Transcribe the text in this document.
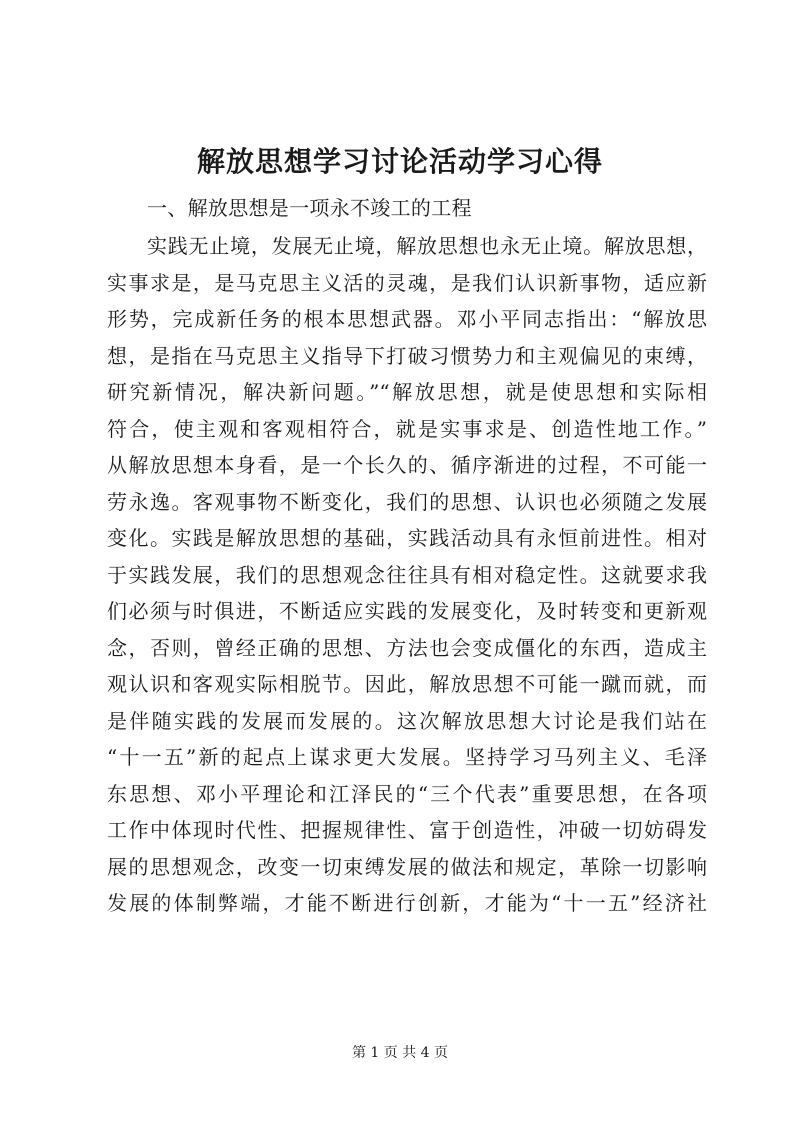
解放思想学习讨论活动学习心得
一、解放思想是一项永不竣工的工程
实践无止境，发展无止境，解放思想也永无止境。解放思想，
实事求是，是马克思主义活的灵魂，是我们认识新事物，适应新
形势，完成新任务的根本思想武器。邓小平同志指出：“解放思
想，是指在马克思主义指导下打破习惯势力和主观偏见的束缚，
研究新情况，解决新问题。”“解放思想，就是使思想和实际相
符合，使主观和客观相符合，就是实事求是、创造性地工作。”
从解放思想本身看，是一个长久的、循序渐进的过程，不可能一
劳永逸。客观事物不断变化，我们的思想、认识也必须随之发展
变化。实践是解放思想的基础，实践活动具有永恒前进性。相对
于实践发展，我们的思想观念往往具有相对稳定性。这就要求我
们必须与时俱进，不断适应实践的发展变化，及时转变和更新观
念，否则，曾经正确的思想、方法也会变成僵化的东西，造成主
观认识和客观实际相脱节。因此，解放思想不可能一蹴而就，而
是伴随实践的发展而发展的。这次解放思想大讨论是我们站在
“十一五”新的起点上谋求更大发展。坚持学习马列主义、毛泽
东思想、邓小平理论和江泽民的“三个代表”重要思想，在各项
工作中体现时代性、把握规律性、富于创造性，冲破一切妨碍发
展的思想观念，改变一切束缚发展的做法和规定，革除一切影响
发展的体制弊端，才能不断进行创新，才能为“十一五”经济社
第 1 页 共 4 页
